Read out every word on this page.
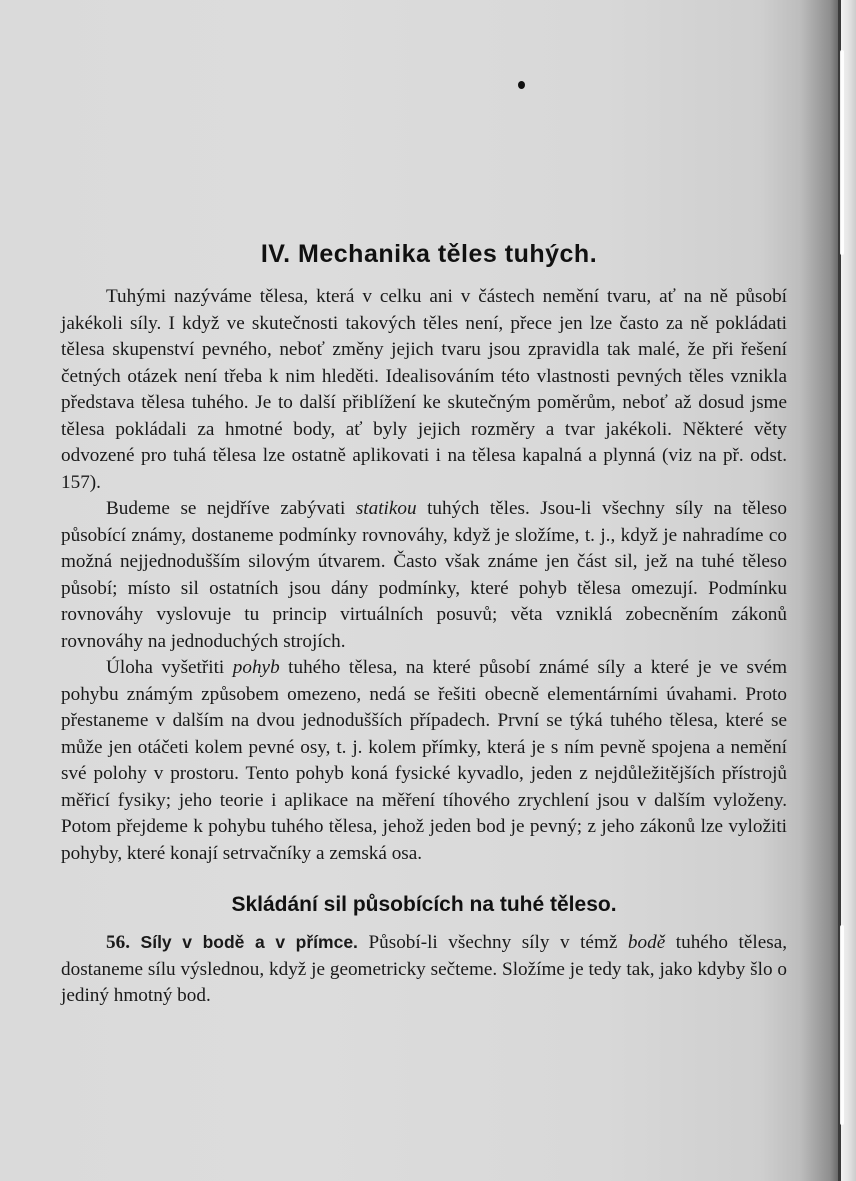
IV. Mechanika těles tuhých.

Tuhými nazýváme tělesa, která v celku ani v částech nemění tvaru, ať na ně působí jakékoli síly. I když ve skutečnosti takových těles není, přece jen lze často za ně pokládati tělesa skupenství pevného, neboť změny jejich tvaru jsou zpravidla tak malé, že při řešení četných otázek není třeba k nim hleděti. Idealisováním této vlastnosti pevných těles vznikla představa tělesa tuhého. Je to další přiblížení ke skutečným poměrům, neboť až dosud jsme tělesa pokládali za hmotné body, ať byly jejich rozměry a tvar jakékoli. Některé věty odvozené pro tuhá tělesa lze ostatně aplikovati i na tělesa kapalná a plynná (viz na př. odst. 157).

Budeme se nejdříve zabývati statikou tuhých těles. Jsou-li všechny síly na těleso působící známy, dostaneme podmínky rovnováhy, když je složíme, t. j., když je nahradíme co možná nejjednodušším silovým útvarem. Často však známe jen část sil, jež na tuhé těleso působí; místo sil ostatních jsou dány podmínky, které pohyb tělesa omezují. Podmínku rovnováhy vyslovuje tu princip virtuálních posuvů; věta vzniklá zobecněním zákonů rovnováhy na jednoduchých strojích.

Úloha vyšetřiti pohyb tuhého tělesa, na které působí známé síly a které je ve svém pohybu známým způsobem omezeno, nedá se řešiti obecně elementárními úvahami. Proto přestaneme v dalším na dvou jednodušších případech. První se týká tuhého tělesa, které se může jen otáčeti kolem pevné osy, t. j. kolem přímky, která je s ním pevně spojena a nemění své polohy v prostoru. Tento pohyb koná fysické kyvadlo, jeden z nejdůležitějších přístrojů měřicí fysiky; jeho teorie i aplikace na měření tíhového zrychlení jsou v dalším vyloženy. Potom přejdeme k pohybu tuhého tělesa, jehož jeden bod je pevný; z jeho zákonů lze vyložiti pohyby, které konají setrvačníky a zemská osa.

Skládání sil působících na tuhé těleso.

56. Síly v bodě a v přímce. Působí-li všechny síly v témž bodě tuhého tělesa, dostaneme sílu výslednou, když je geometricky sečteme. Složíme je tedy tak, jako kdyby šlo o jediný hmotný bod.
